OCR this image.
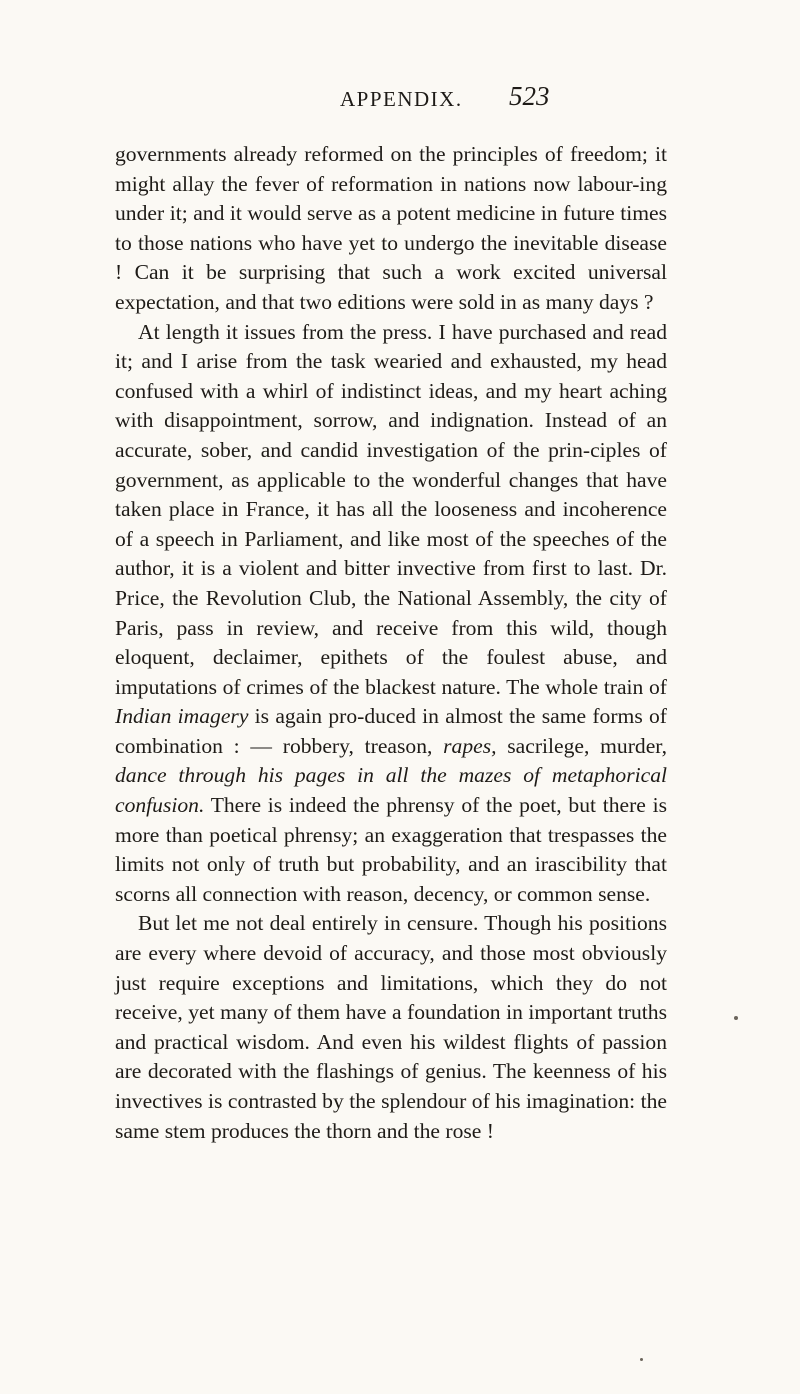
APPENDIX. 523

governments already reformed on the principles of freedom; it might allay the fever of reformation in nations now labour-ing under it; and it would serve as a potent medicine in future times to those nations who have yet to undergo the inevitable disease ! Can it be surprising that such a work excited universal expectation, and that two editions were sold in as many days ?

At length it issues from the press. I have purchased and read it; and I arise from the task wearied and exhausted, my head confused with a whirl of indistinct ideas, and my heart aching with disappointment, sorrow, and indignation. Instead of an accurate, sober, and candid investigation of the prin-ciples of government, as applicable to the wonderful changes that have taken place in France, it has all the looseness and incoherence of a speech in Parliament, and like most of the speeches of the author, it is a violent and bitter invective from first to last. Dr. Price, the Revolution Club, the National Assembly, the city of Paris, pass in review, and receive from this wild, though eloquent, declaimer, epithets of the foulest abuse, and imputations of crimes of the blackest nature. The whole train of Indian imagery is again pro-duced in almost the same forms of combination : — robbery, treason, rapes, sacrilege, murder, dance through his pages in all the mazes of metaphorical confusion. There is indeed the phrensy of the poet, but there is more than poetical phrensy; an exaggeration that trespasses the limits not only of truth but probability, and an irascibility that scorns all connection with reason, decency, or common sense.

But let me not deal entirely in censure. Though his positions are every where devoid of accuracy, and those most obviously just require exceptions and limitations, which they do not receive, yet many of them have a foundation in important truths and practical wisdom. And even his wildest flights of passion are decorated with the flashings of genius. The keenness of his invectives is contrasted by the splendour of his imagination: the same stem produces the thorn and the rose !
